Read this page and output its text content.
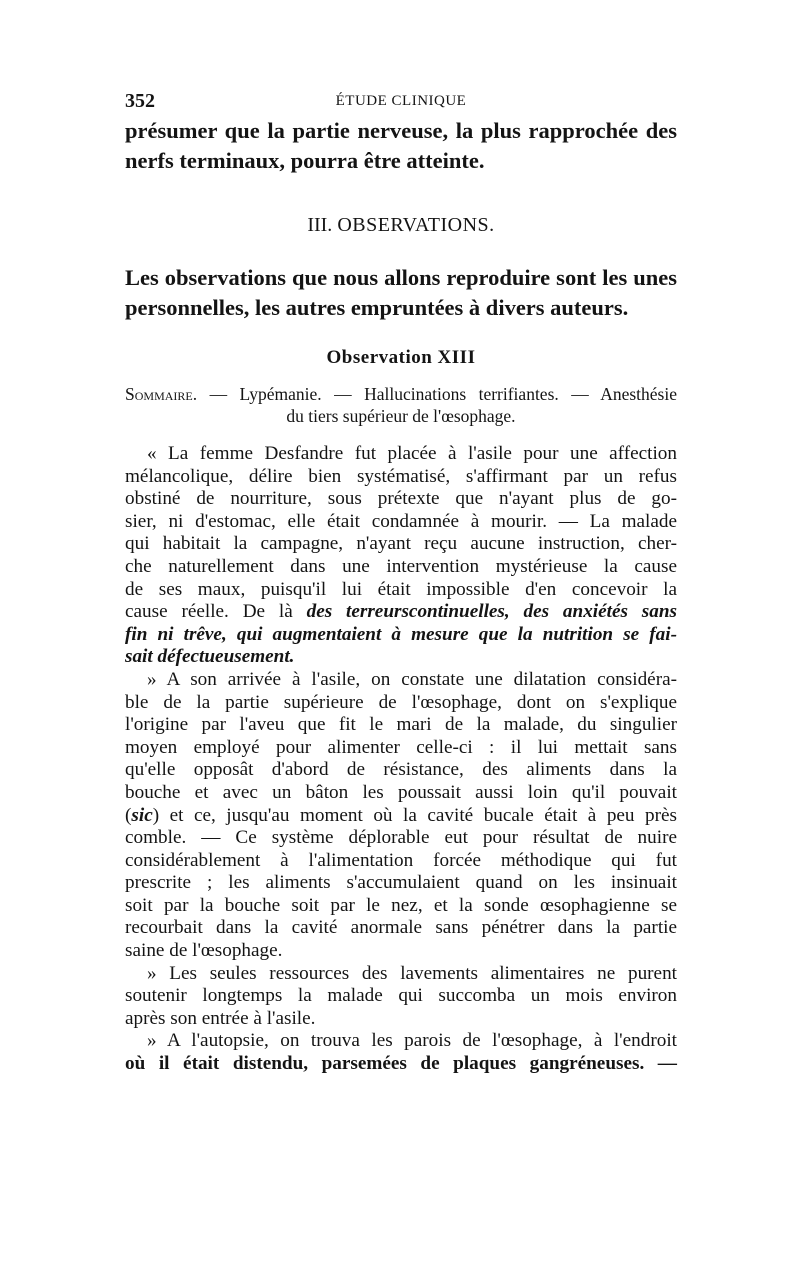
352	ÉTUDE CLINIQUE
présumer que la partie nerveuse, la plus rapprochée des
nerfs terminaux, pourra être atteinte.
III. OBSERVATIONS.
Les observations que nous allons reproduire sont les unes
personnelles, les autres empruntées à divers auteurs.
Observation XIII
Sommaire. — Lypémanie. — Hallucinations terrifiantes. — Anesthésie
du tiers supérieur de l'œsophage.
« La femme Desfandre fut placée à l'asile pour une affection
mélancolique, délire bien systématisé, s'affirmant par un refus
obstiné de nourriture, sous prétexte que n'ayant plus de go-
sier, ni d'estomac, elle était condamnée à mourir. — La malade
qui habitait la campagne, n'ayant reçu aucune instruction, cher-
che naturellement dans une intervention mystérieuse la cause
de ses maux, puisqu'il lui était impossible d'en concevoir la
cause réelle. De là des terreurscontinuelles, des anxiétés sans
fin ni trêve, qui augmentaient à mesure que la nutrition se fai-
sait défectueusement.
» A son arrivée à l'asile, on constate une dilatation considéra-
ble de la partie supérieure de l'œsophage, dont on s'explique
l'origine par l'aveu que fit le mari de la malade, du singulier
moyen employé pour alimenter celle-ci : il lui mettait sans
qu'elle opposât d'abord de résistance, des aliments dans la
bouche et avec un bâton les poussait aussi loin qu'il pouvait
(sic) et ce, jusqu'au moment où la cavité bucale était à peu près
comble. — Ce système déplorable eut pour résultat de nuire
considérablement à l'alimentation forcée méthodique qui fut
prescrite ; les aliments s'accumulaient quand on les insinuait
soit par la bouche soit par le nez, et la sonde œsophagienne se
recourbait dans la cavité anormale sans pénétrer dans la partie
saine de l'œsophage.
» Les seules ressources des lavements alimentaires ne purent
soutenir longtemps la malade qui succomba un mois environ
après son entrée à l'asile.
» A l'autopsie, on trouva les parois de l'œsophage, à l'endroit
où il était distendu, parsemées de plaques gangréneuses. —
